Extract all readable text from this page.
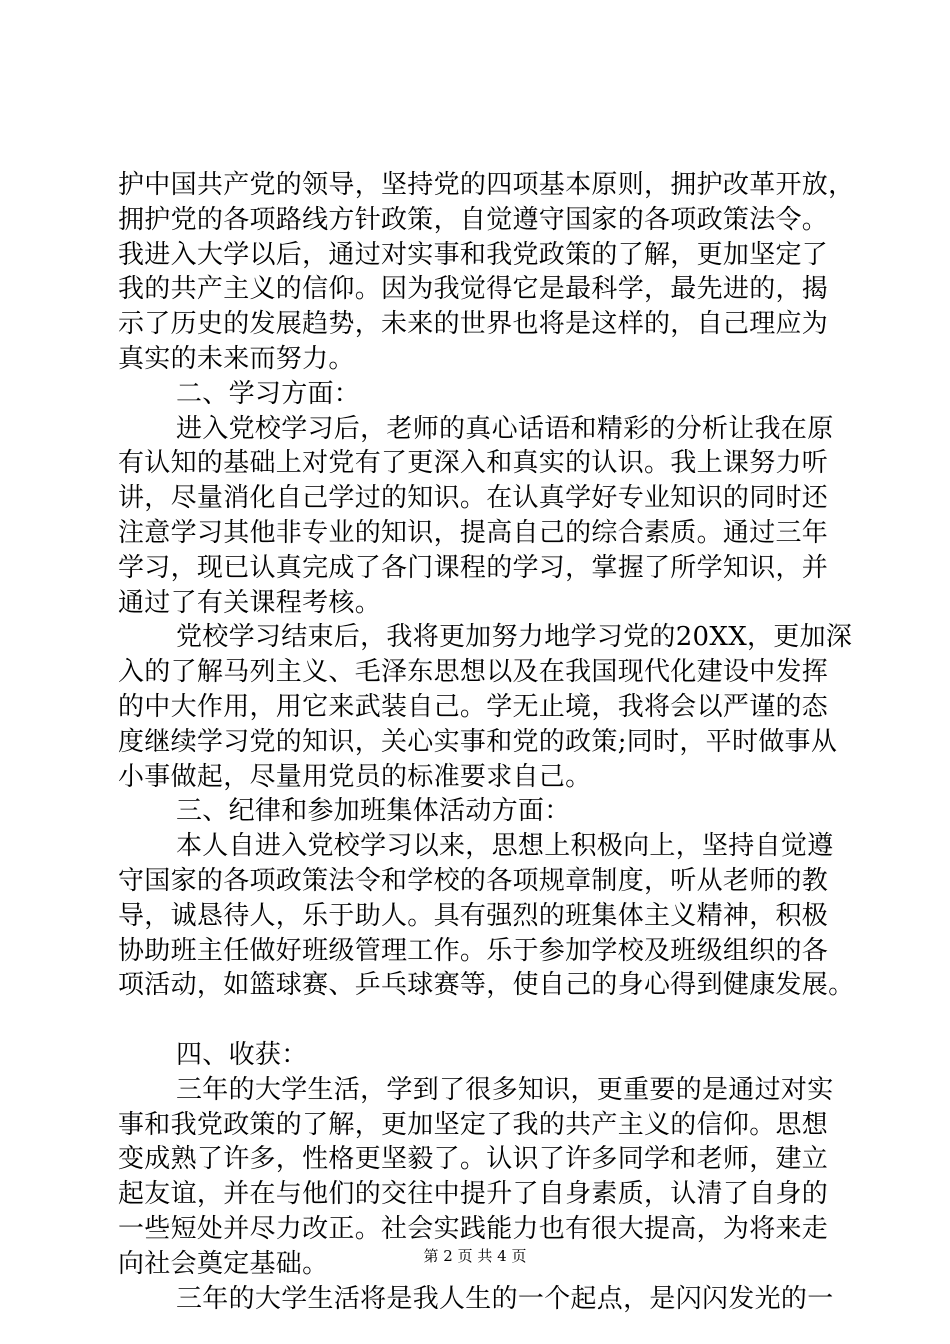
护中国共产党的领导，坚持党的四项基本原则，拥护改革开放，
拥护党的各项路线方针政策，自觉遵守国家的各项政策法令。
我进入大学以后，通过对实事和我党政策的了解，更加坚定了
我的共产主义的信仰。因为我觉得它是最科学，最先进的，揭
示了历史的发展趋势，未来的世界也将是这样的，自己理应为
真实的未来而努力。
二、学习方面：
进入党校学习后，老师的真心话语和精彩的分析让我在原
有认知的基础上对党有了更深入和真实的认识。我上课努力听
讲，尽量消化自己学过的知识。在认真学好专业知识的同时还
注意学习其他非专业的知识，提高自己的综合素质。通过三年
学习，现已认真完成了各门课程的学习，掌握了所学知识，并
通过了有关课程考核。
党校学习结束后，我将更加努力地学习党的20XX，更加深
入的了解马列主义、毛泽东思想以及在我国现代化建设中发挥
的中大作用，用它来武装自己。学无止境，我将会以严谨的态
度继续学习党的知识，关心实事和党的政策;同时，平时做事从
小事做起，尽量用党员的标准要求自己。
三、纪律和参加班集体活动方面：
本人自进入党校学习以来，思想上积极向上，坚持自觉遵
守国家的各项政策法令和学校的各项规章制度，听从老师的教
导，诚恳待人，乐于助人。具有强烈的班集体主义精神，积极
协助班主任做好班级管理工作。乐于参加学校及班级组织的各
项活动，如篮球赛、乒乓球赛等，使自己的身心得到健康发展。
四、收获：
三年的大学生活，学到了很多知识，更重要的是通过对实
事和我党政策的了解，更加坚定了我的共产主义的信仰。思想
变成熟了许多，性格更坚毅了。认识了许多同学和老师，建立
起友谊，并在与他们的交往中提升了自身素质，认清了自身的
一些短处并尽力改正。社会实践能力也有很大提高，为将来走
向社会奠定基础。
三年的大学生活将是我人生的一个起点，是闪闪发光的一
第 2 页 共 4 页
